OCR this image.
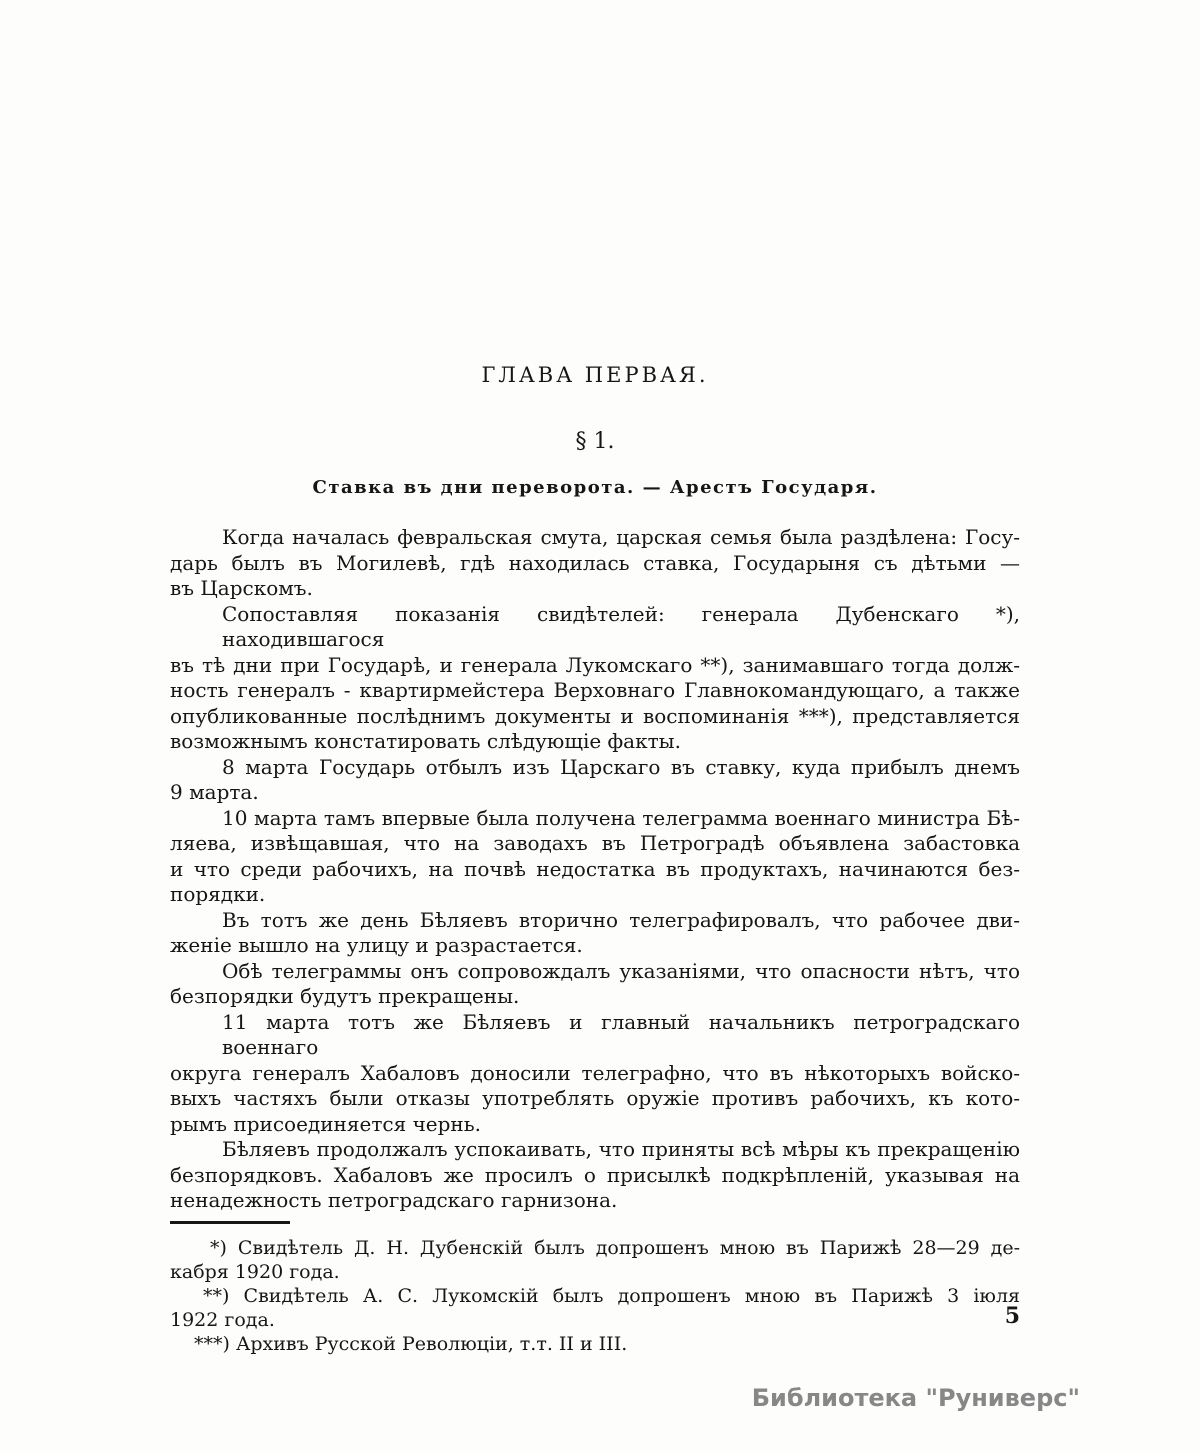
ГЛАВА ПЕРВАЯ.
§ 1.
Ставка въ дни переворота. — Арестъ Государя.
Когда началась февральская смута, царская семья была раздѣлена: Госу-
дарь былъ въ Могилевѣ, гдѣ находилась ставка, Государыня съ дѣтьми —
въ Царскомъ.
Сопоставляя показанія свидѣтелей: генерала Дубенскаго *), находившагося
въ тѣ дни при Государѣ, и генерала Лукомскаго **), занимавшаго тогда долж-
ность генералъ - квартирмейстера Верховнаго Главнокомандующаго, а также
опубликованные послѣднимъ документы и воспоминанія ***), представляется
возможнымъ констатировать слѣдующіе факты.
8 марта Государь отбылъ изъ Царскаго въ ставку, куда прибылъ днемъ
9 марта.
10 марта тамъ впервые была получена телеграмма военнаго министра Бѣ-
ляева, извѣщавшая, что на заводахъ въ Петроградѣ объявлена забастовка
и что среди рабочихъ, на почвѣ недостатка въ продуктахъ, начинаются без-
порядки.
Въ тотъ же день Бѣляевъ вторично телеграфировалъ, что рабочее дви-
женіе вышло на улицу и разрастается.
Обѣ телеграммы онъ сопровождалъ указаніями, что опасности нѣтъ, что
безпорядки будутъ прекращены.
11 марта тотъ же Бѣляевъ и главный начальникъ петроградскаго военнаго
округа генералъ Хабаловъ доносили телеграфно, что въ нѣкоторыхъ войско-
выхъ частяхъ были отказы употреблять оружіе противъ рабочихъ, къ кото-
рымъ присоединяется чернь.
Бѣляевъ продолжалъ успокаивать, что приняты всѣ мѣры къ прекращенію
безпорядковъ. Хабаловъ же просилъ о присылкѣ подкрѣпленій, указывая на
ненадежность петроградскаго гарнизона.
*) Свидѣтель Д. Н. Дубенскій былъ допрошенъ мною въ Парижѣ 28—29 де-
кабря 1920 года.
**) Свидѣтель А. С. Лукомскій былъ допрошенъ мною въ Парижѣ 3 іюля
1922 года.
***) Архивъ Русской Революціи, т.т. II и III.
5
Библиотека "Руниверс"
